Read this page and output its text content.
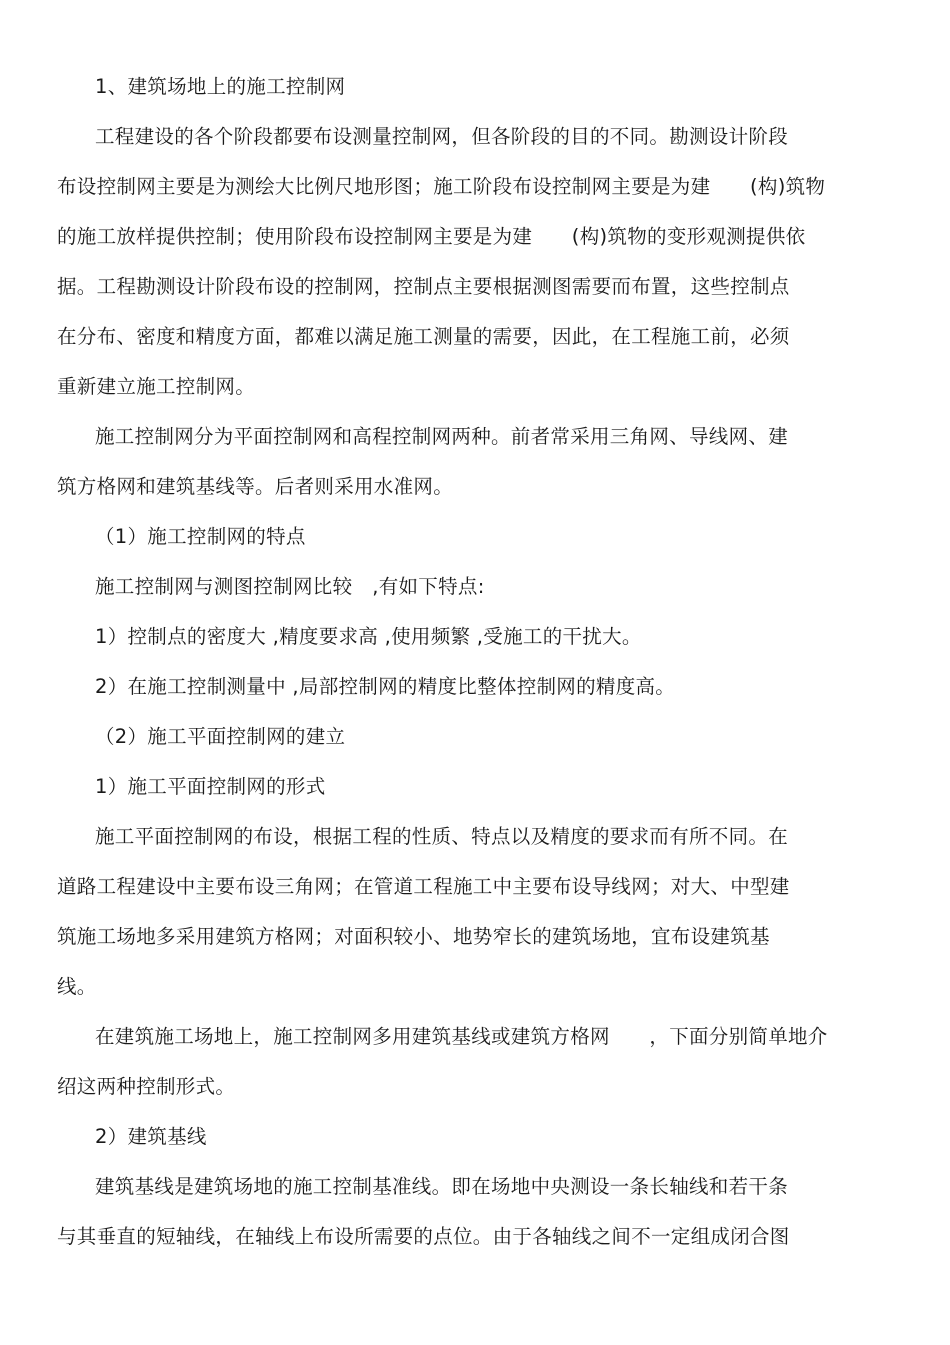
1、建筑场地上的施工控制网
工程建设的各个阶段都要布设测量控制网，但各阶段的目的不同。勘测设计阶段
布设控制网主要是为测绘大比例尺地形图；施工阶段布设控制网主要是为建　　(构)筑物
的施工放样提供控制；使用阶段布设控制网主要是为建　　(构)筑物的变形观测提供依
据。工程勘测设计阶段布设的控制网，控制点主要根据测图需要而布置，这些控制点
在分布、密度和精度方面，都难以满足施工测量的需要，因此，在工程施工前，必须
重新建立施工控制网。
施工控制网分为平面控制网和高程控制网两种。前者常采用三角网、导线网、建
筑方格网和建筑基线等。后者则采用水准网。
（1）施工控制网的特点
施工控制网与测图控制网比较　,有如下特点:
1）控制点的密度大 ,精度要求高 ,使用频繁 ,受施工的干扰大。
2）在施工控制测量中 ,局部控制网的精度比整体控制网的精度高。
（2）施工平面控制网的建立
1）施工平面控制网的形式
施工平面控制网的布设，根据工程的性质、特点以及精度的要求而有所不同。在
道路工程建设中主要布设三角网；在管道工程施工中主要布设导线网；对大、中型建
筑施工场地多采用建筑方格网；对面积较小、地势窄长的建筑场地，宜布设建筑基
线。
在建筑施工场地上，施工控制网多用建筑基线或建筑方格网　　，下面分别简单地介
绍这两种控制形式。
2）建筑基线
建筑基线是建筑场地的施工控制基准线。即在场地中央测设一条长轴线和若干条
与其垂直的短轴线，在轴线上布设所需要的点位。由于各轴线之间不一定组成闭合图
